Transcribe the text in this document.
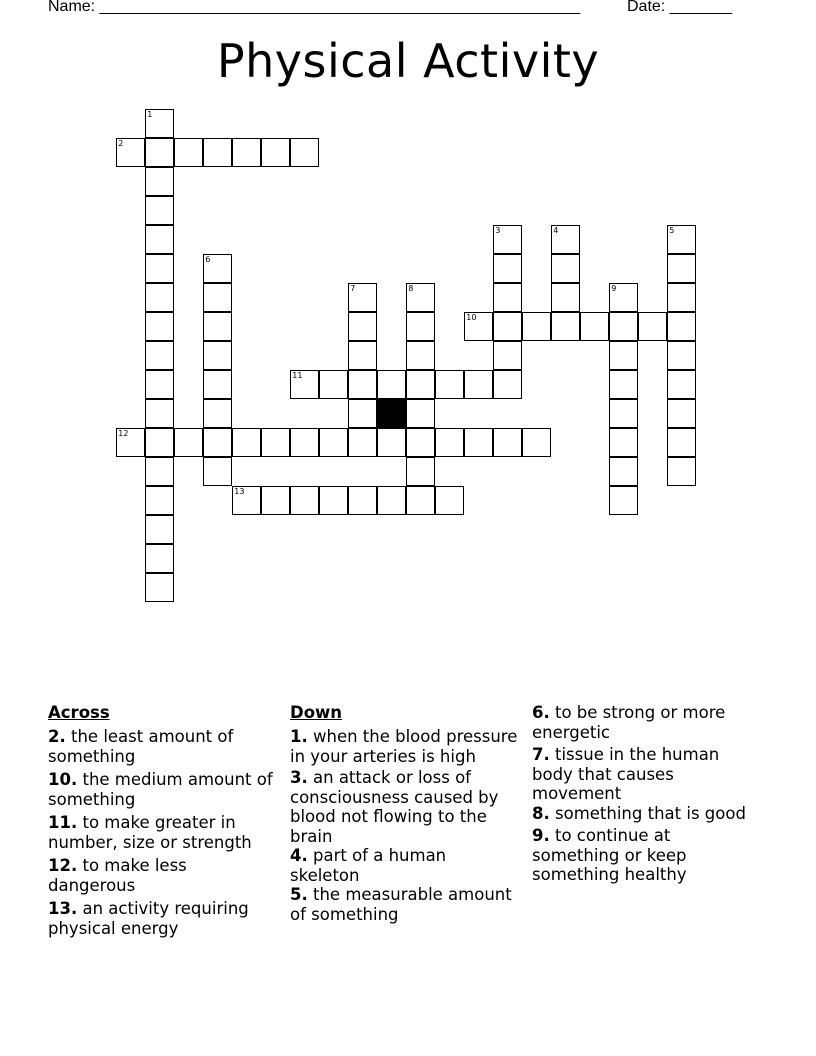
Name: ______________________________________________________	Date: _______
Physical Activity
1
2
3	4	5
6
7	8	9
10
11
12
13
Across
2. the least amount of something
10. the medium amount of something
11. to make greater in number, size or strength
12. to make less dangerous
13. an activity requiring physical energy
Down
1. when the blood pressure in your arteries is high
3. an attack or loss of consciousness caused by blood not flowing to the brain
4. part of a human skeleton
5. the measurable amount of something
6. to be strong or more energetic
7. tissue in the human body that causes movement
8. something that is good
9. to continue at something or keep something healthy
